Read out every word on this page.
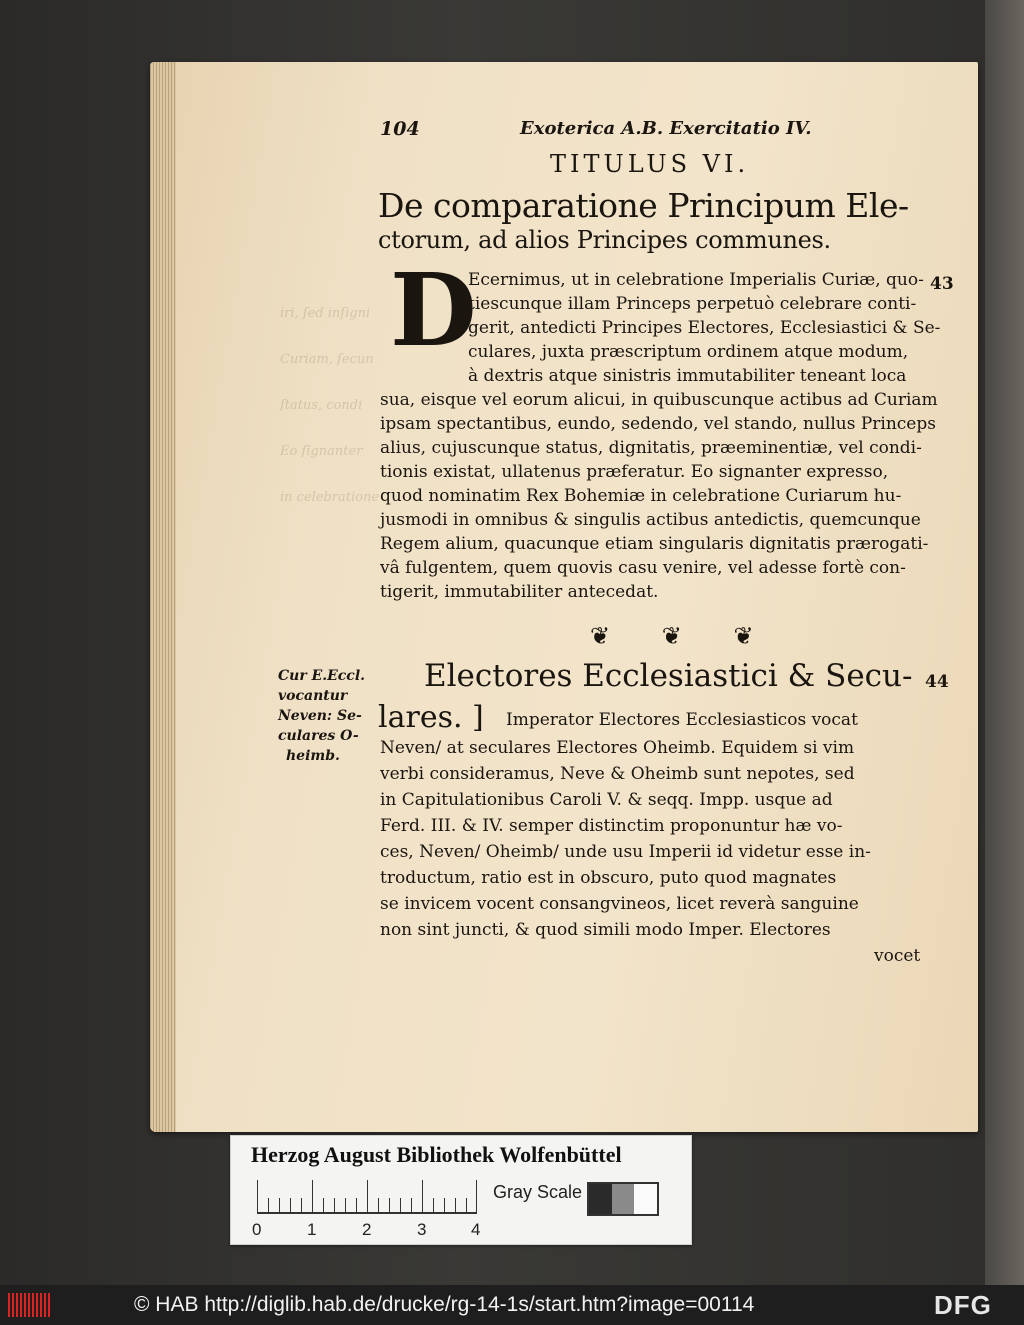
iri, ſed inſigni
Curiam, ſecun
ſtatus, condi
Eo ſignanter
in celebratione
104	Exoterica A.B. Exercitatio IV.
TITULUS VI.
De comparatione Principum Ele-
ctorum, ad alios Principes communes.
D	43
Ecernimus, ut in celebratione Imperialis Curiæ, quo-
tiescunque illam Princeps perpetuò celebrare conti-
gerit, antedicti Principes Electores, Ecclesiastici & Se-
culares, juxta præscriptum ordinem atque modum,
à dextris atque sinistris immutabiliter teneant loca
sua, eisque vel eorum alicui, in quibuscunque actibus ad Curiam
ipsam spectantibus, eundo, sedendo, vel stando, nullus Princeps
alius, cujuscunque status, dignitatis, præeminentiæ, vel condi-
tionis existat, ullatenus præferatur. Eo signanter expresso,
quod nominatim Rex Bohemiæ in celebratione Curiarum hu-
jusmodi in omnibus & singulis actibus antedictis, quemcunque
Regem alium, quacunque etiam singularis dignitatis prærogati-
vâ fulgentem, quem quovis casu venire, vel adesse fortè con-
tigerit, immutabiliter antecedat.
❦ ❦ ❦
Cur E.Eccl.
vocantur
Neven: Se-
culares O-
heimb.
Electores Ecclesiastici & Secu- 44
lares. ] Imperator Electores Ecclesiasticos vocat
Neven/ at seculares Electores Oheimb. Equidem si vim
verbi consideramus, Neve & Oheimb sunt nepotes, sed
in Capitulationibus Caroli V. & seqq. Impp. usque ad
Ferd. III. & IV. semper distinctim proponuntur hæ vo-
ces, Neven/ Oheimb/ unde usu Imperii id videtur esse in-
troductum, ratio est in obscuro, puto quod magnates
se invicem vocent consangvineos, licet reverà sanguine
non sint juncti, & quod simili modo Imper. Electores
vocet
Herzog August Bibliothek Wolfenbüttel
0	1	2	3	4
Gray Scale
© HAB http://diglib.hab.de/drucke/rg-14-1s/start.htm?image=00114	DFG
